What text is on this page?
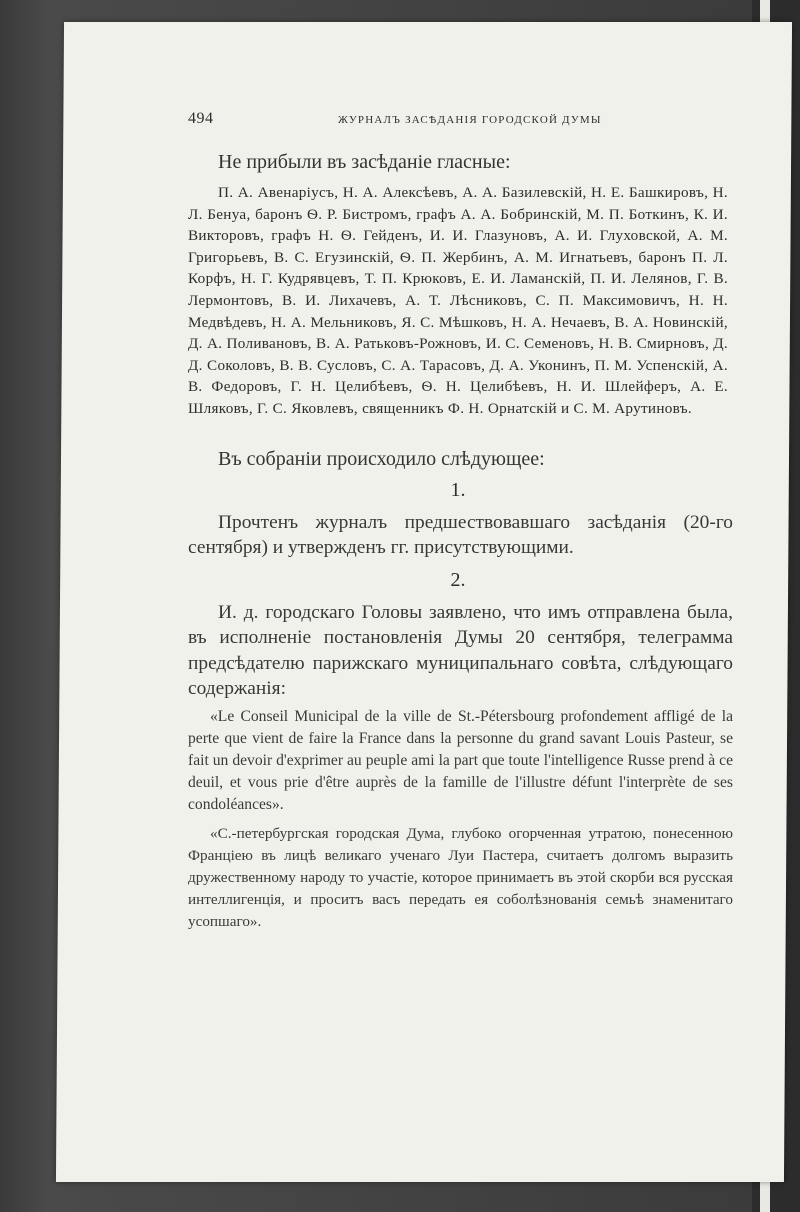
494	ЖУРНАЛЪ ЗАСѢДАНІЯ ГОРОДСКОЙ ДУМЫ
Не прибыли въ засѣданіе гласные:
П. А. Авенаріусъ, Н. А. Алексѣевъ, А. А. Базилевскій, Н. Е. Башкировъ, Н. Л. Бенуа, баронъ Ѳ. Р. Бистромъ, графъ А. А. Бобринскій, М. П. Боткинъ, К. И. Викторовъ, графъ Н. Ѳ. Гейденъ, И. И. Глазуновъ, А. И. Глуховской, А. М. Григорьевъ, В. С. Егузинскій, Ѳ. П. Жербинъ, А. М. Игнатьевъ, баронъ П. Л. Корфъ, Н. Г. Кудрявцевъ, Т. П. Крюковъ, Е. И. Ламанскій, П. И. Лелянов, Г. В. Лермонтовъ, В. И. Лихачевъ, А. Т. Лѣсниковъ, С. П. Максимовичъ, Н. Н. Медвѣдевъ, Н. А. Мельниковъ, Я. С. Мѣшковъ, Н. А. Нечаевъ, В. А. Новинскій, Д. А. Поливановъ, В. А. Ратьковъ-Рожновъ, И. С. Семеновъ, Н. В. Смирновъ, Д. Д. Соколовъ, В. В. Сусловъ, С. А. Тарасовъ, Д. А. Уконинъ, П. М. Успенскій, А. В. Федоровъ, Г. Н. Целибѣевъ, Ѳ. Н. Целибѣевъ, Н. И. Шлейферъ, А. Е. Шляковъ, Г. С. Яковлевъ, священникъ Ф. Н. Орнатскій и С. М. Арутиновъ.
Въ собраніи происходило слѣдующее:
1.
Прочтенъ журналъ предшествовавшаго засѣданія (20-го сентября) и утвержденъ гг. присутствующими.
2.
И. д. городскаго Головы заявлено, что имъ отправлена была, въ исполненіе постановленія Думы 20 сентября, телеграмма предсѣдателю парижскаго муниципальнаго совѣта, слѣдующаго содержанія:
«Le Conseil Municipal de la ville de St.-Pétersbourg profondement affligé de la perte que vient de faire la France dans la personne du grand savant Louis Pasteur, se fait un devoir d'exprimer au peuple ami la part que toute l'intelligence Russe prend à ce deuil, et vous prie d'être auprès de la famille de l'illustre défunt l'interprète de ses condoléances».
«С.-петербургская городская Дума, глубоко огорченная утратою, понесенною Франціею въ лицѣ великаго ученаго Луи Пастера, считаетъ долгомъ выразить дружественному народу то участіе, которое принимаетъ въ этой скорби вся русская интеллигенція, и проситъ васъ передать ея соболѣзнованія семьѣ знаменитаго усопшаго».
